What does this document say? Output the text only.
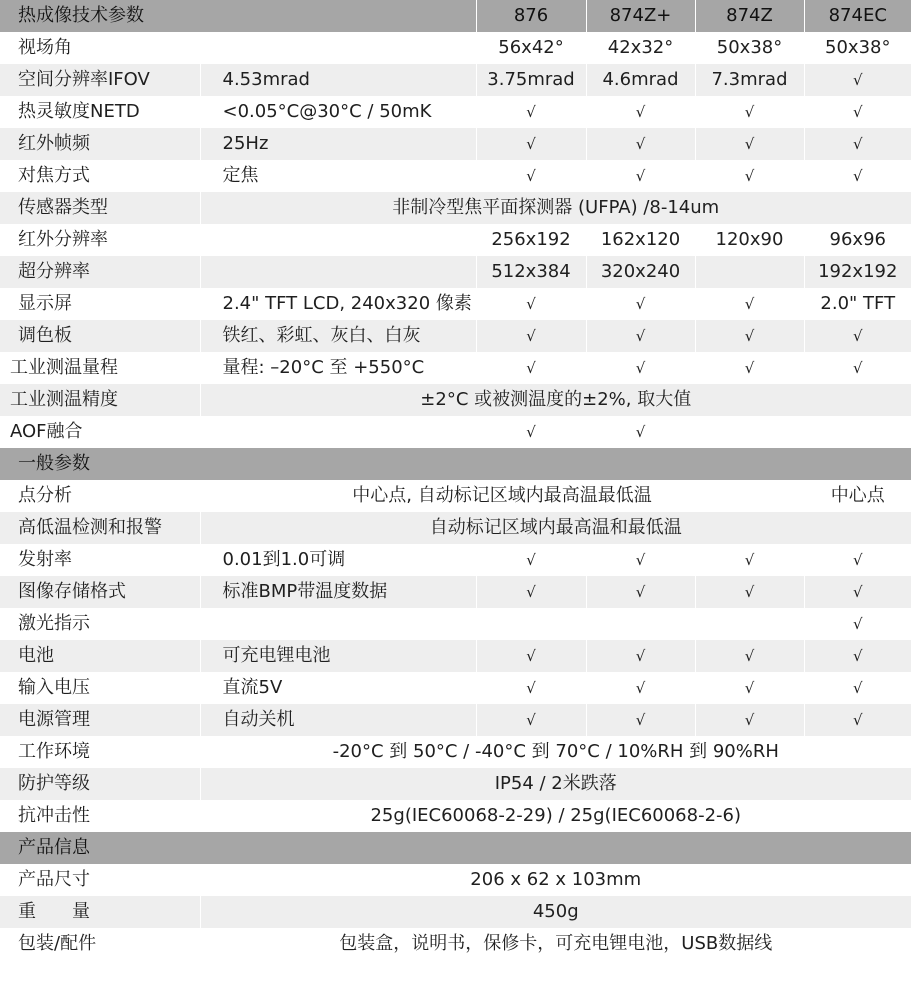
热成像技术参数		876	874Z+	874Z	874EC
视场角		56x42°	42x32°	50x38°	50x38°
空间分辨率IFOV	4.53mrad	3.75mrad	4.6mrad	7.3mrad	√
热灵敏度NETD	<0.05°C@30°C / 50mK	√	√	√	√
红外帧频	25Hz	√	√	√	√
对焦方式	定焦	√	√	√	√
传感器类型	非制冷型焦平面探测器 (UFPA) /8-14um				
红外分辨率		256x192	162x120	120x90	96x96
超分辨率		512x384	320x240		192x192
显示屏	2.4" TFT LCD, 240x320 像素	√	√	√	2.0" TFT
调色板	铁红、彩虹、灰白、白灰	√	√	√	√
工业测温量程	量程: –20°C 至 +550°C	√	√	√	√
工业测温精度	±2°C 或被测温度的±2%, 取大值				
AOF融合		√	√		
一般参数					
点分析	中心点, 自动标记区域内最高温最低温				中心点
高低温检测和报警	自动标记区域内最高温和最低温				
发射率	0.01到1.0可调	√	√	√	√
图像存储格式	标准BMP带温度数据	√	√	√	√
激光指示					√
电池	可充电锂电池	√	√	√	√
输入电压	直流5V	√	√	√	√
电源管理	自动关机	√	√	√	√
工作环境	-20°C 到 50°C / -40°C 到 70°C / 10%RH 到 90%RH				
防护等级	IP54 / 2米跌落				
抗冲击性	25g(IEC60068-2-29) / 25g(IEC60068-2-6)				
产品信息					
产品尺寸	206 x 62 x 103mm				
重　　量	450g				
包装/配件	包装盒，说明书，保修卡，可充电锂电池，USB数据线				
